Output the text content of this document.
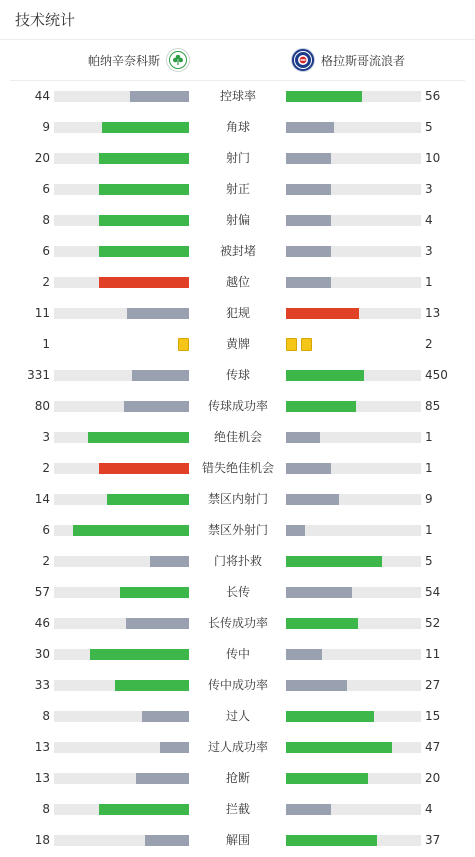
技术统计
帕纳辛奈科斯	格拉斯哥流浪者
44	控球率	56
9	角球	5
20	射门	10
6	射正	3
8	射偏	4
6	被封堵	3
2	越位	1
11	犯规	13
1	黄牌	2
331	传球	450
80	传球成功率	85
3	绝佳机会	1
2	错失绝佳机会	1
14	禁区内射门	9
6	禁区外射门	1
2	门将扑救	5
57	长传	54
46	长传成功率	52
30	传中	11
33	传中成功率	27
8	过人	15
13	过人成功率	47
13	抢断	20
8	拦截	4
18	解围	37
